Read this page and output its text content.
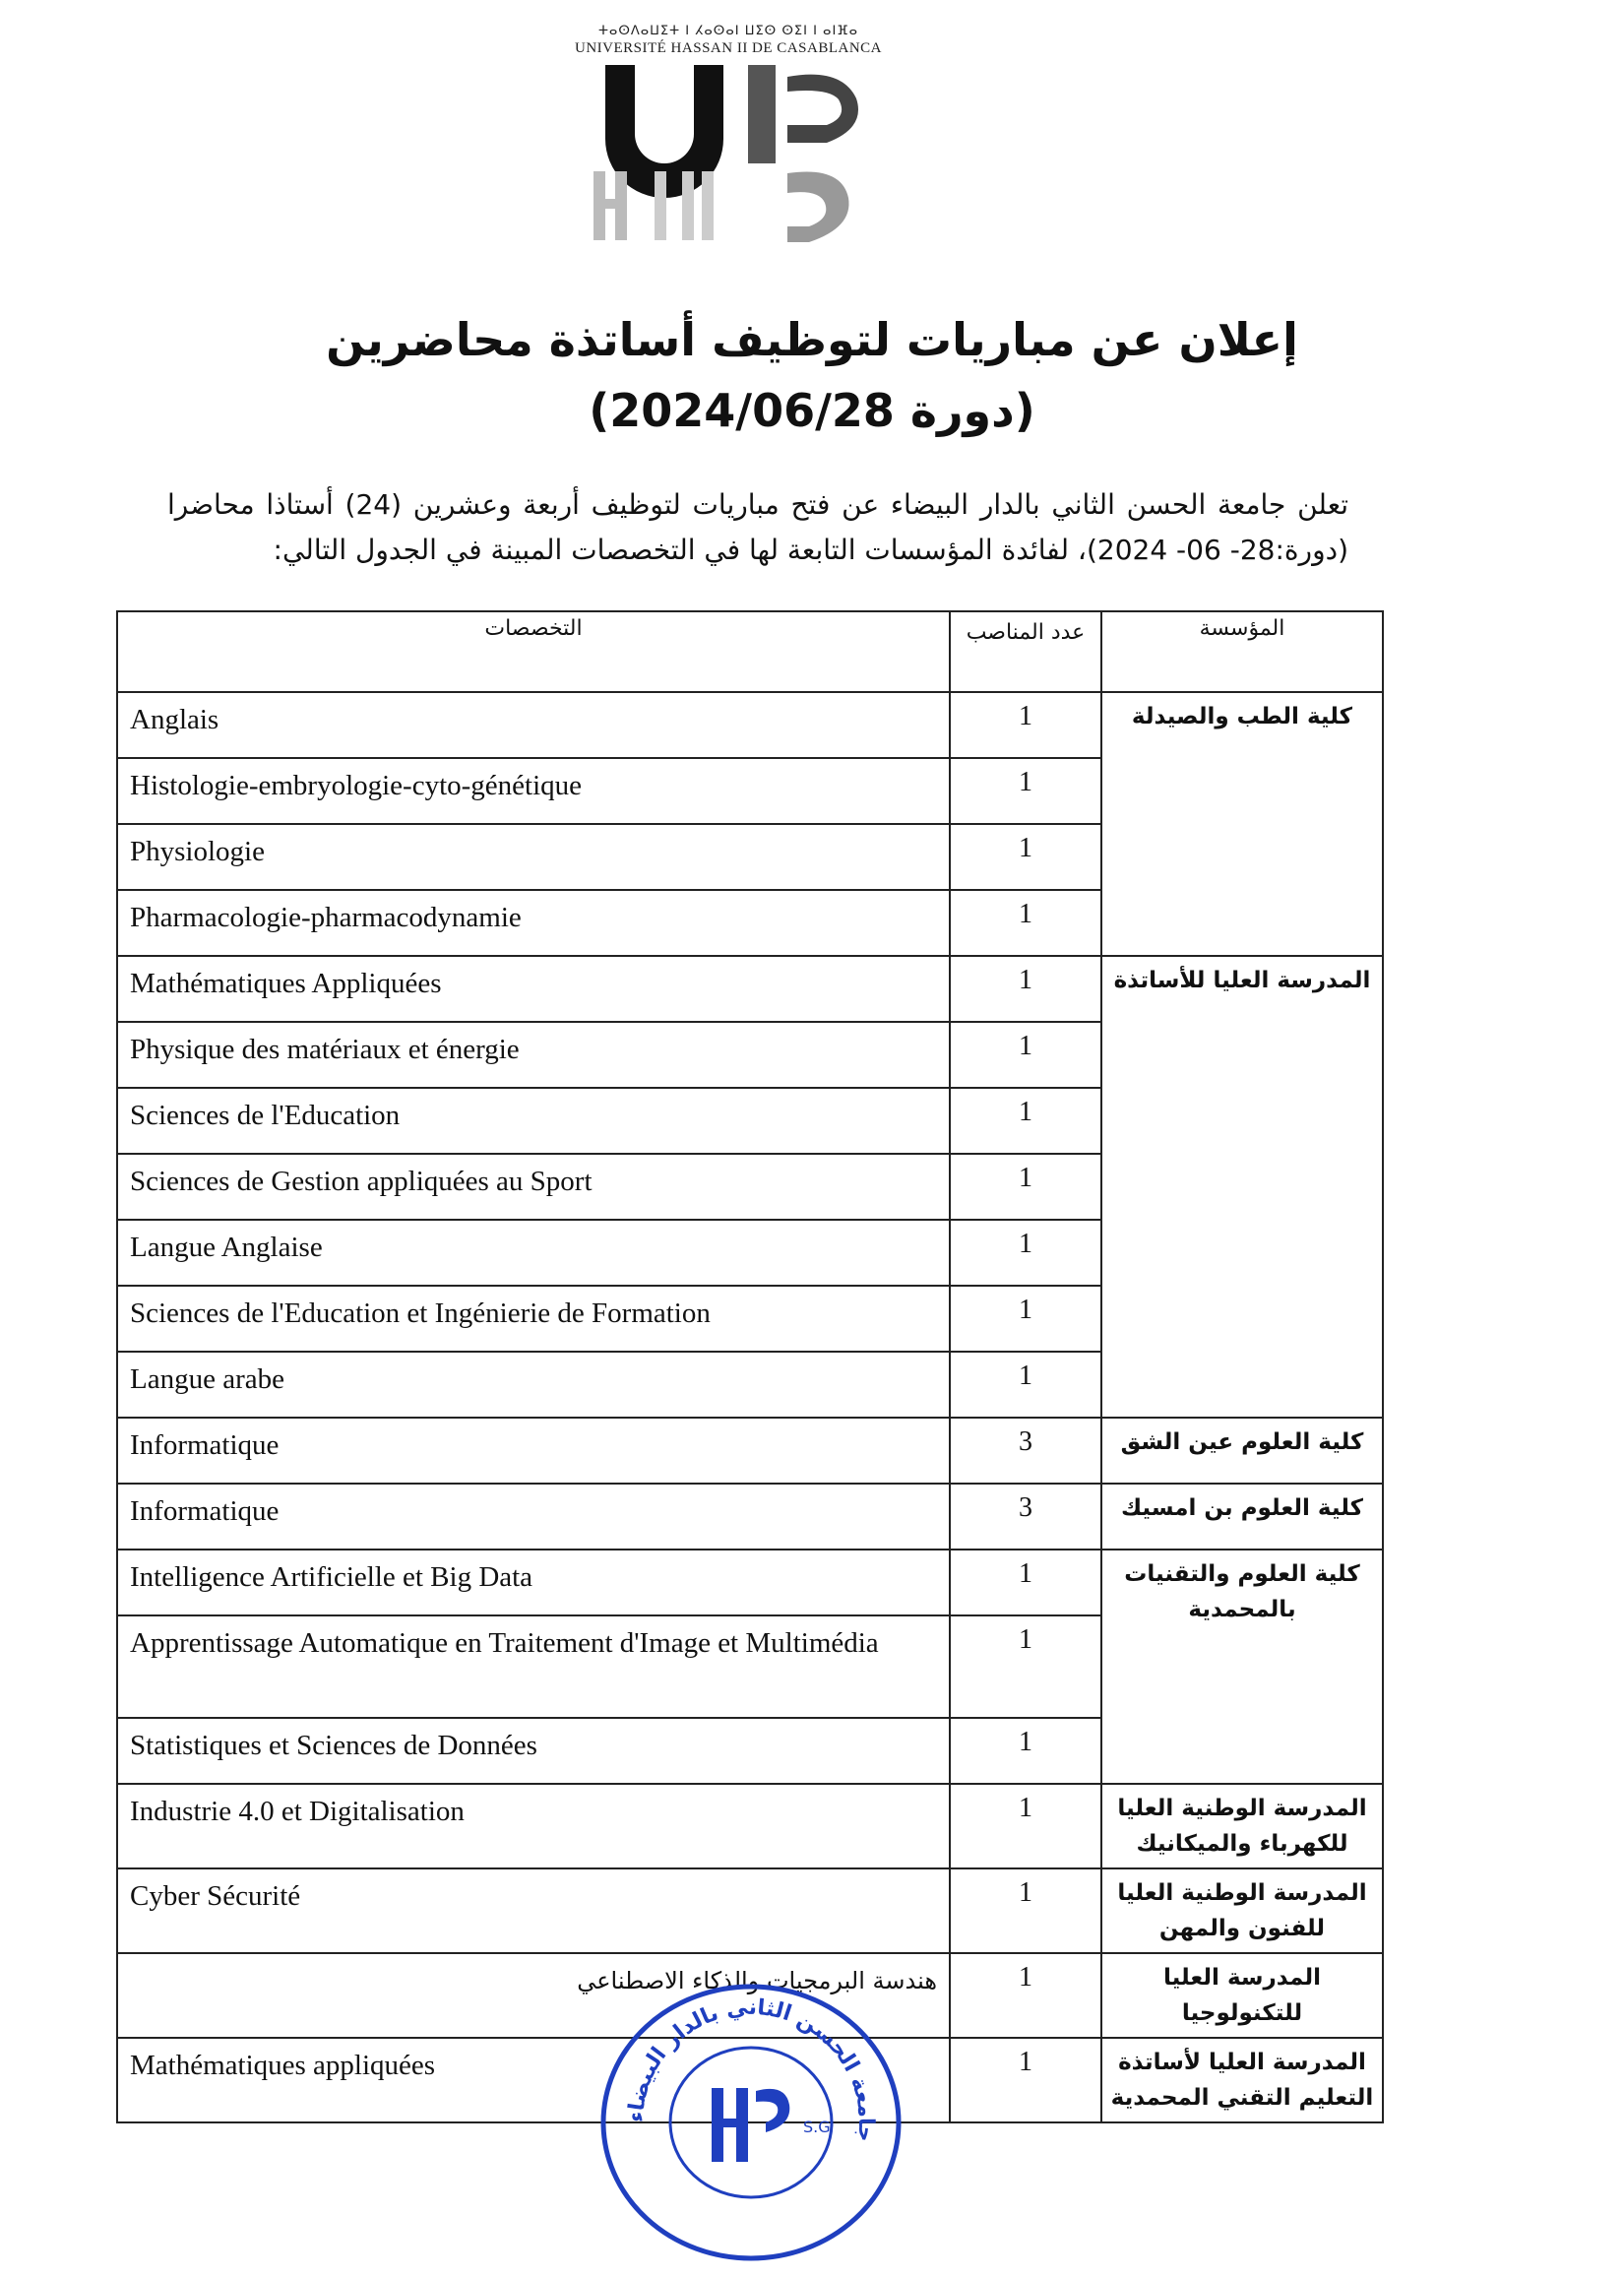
ⵜⴰⵙⴷⴰⵡⵉⵜ ⵏ ⵃⴰⵙⴰⵏ ⵡⵉⵙ ⵙⵉⵏ ⵏ ⴰⵏⴼⴰ
UNIVERSITÉ HASSAN II DE CASABLANCA
إعلان عن مباريات لتوظيف أساتذة محاضرين
(دورة 2024/06/28)
تعلن جامعة الحسن الثاني بالدار البيضاء عن فتح مباريات لتوظيف أربعة وعشرين (24) أستاذا محاضرا (دورة:28- 06- 2024)، لفائدة المؤسسات التابعة لها في التخصصات المبينة في الجدول التالي:
التخصصات	عدد المناصب	المؤسسة
Anglais	1	كلية الطب والصيدلة
Histologie-embryologie-cyto-génétique	1	
Physiologie	1	
Pharmacologie-pharmacodynamie	1	
Mathématiques Appliquées	1	المدرسة العليا للأساتذة
Physique des matériaux et énergie	1	
Sciences de l'Education	1	
Sciences de Gestion appliquées au Sport	1	
Langue Anglaise	1	
Sciences de l'Education et Ingénierie de Formation	1	
Langue arabe	1	
Informatique	3	كلية العلوم عين الشق
Informatique	3	كلية العلوم بن امسيك
Intelligence Artificielle et Big Data	1	كلية العلوم والتقنيات بالمحمدية
Apprentissage Automatique en Traitement d'Image et Multimédia	1	
Statistiques et Sciences de Données	1	
Industrie 4.0 et Digitalisation	1	المدرسة الوطنية العليا للكهرباء والميكانيك
Cyber Sécurité	1	المدرسة الوطنية العليا للفنون والمهن
هندسة البرمجيات والذكاء الاصطناعي	1	المدرسة العليا للتكنولوجيا
Mathématiques appliquées	1	المدرسة العليا لأساتذة التعليم التقني المحمدية
جامعة الحسن الثاني بالدار البيضاء
S.G
